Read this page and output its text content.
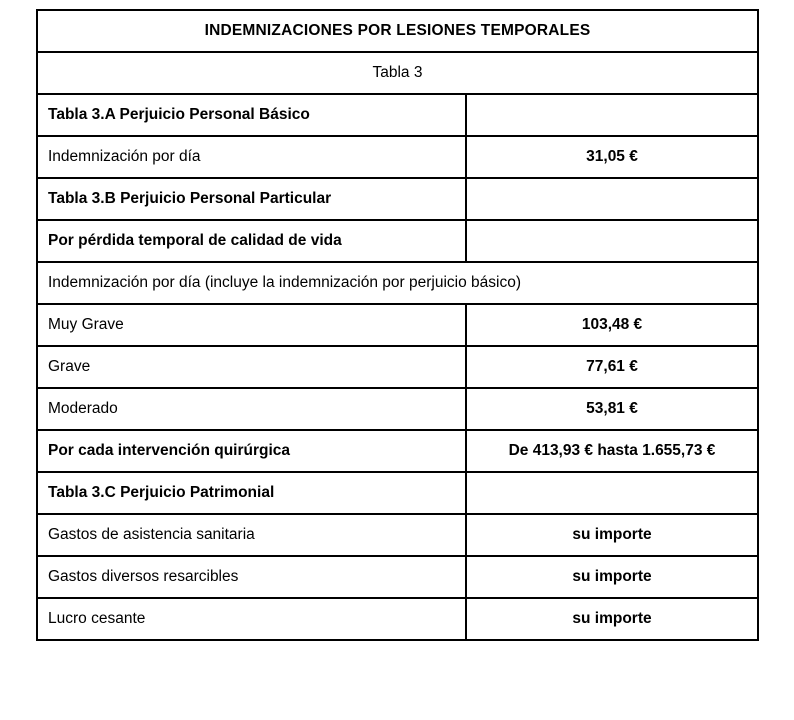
INDEMNIZACIONES POR LESIONES TEMPORALES	
Tabla 3	
Tabla 3.A Perjuicio Personal Básico	
Indemnización por día	31,05 €
Tabla 3.B Perjuicio Personal Particular	
Por pérdida temporal de calidad de vida	
Indemnización por día (incluye la indemnización por perjuicio básico)	
Muy Grave	103,48 €
Grave	77,61 €
Moderado	53,81 €
Por cada intervención quirúrgica	De 413,93 € hasta 1.655,73 €
Tabla 3.C Perjuicio Patrimonial	
Gastos de asistencia sanitaria	su importe
Gastos diversos resarcibles	su importe
Lucro cesante	su importe
